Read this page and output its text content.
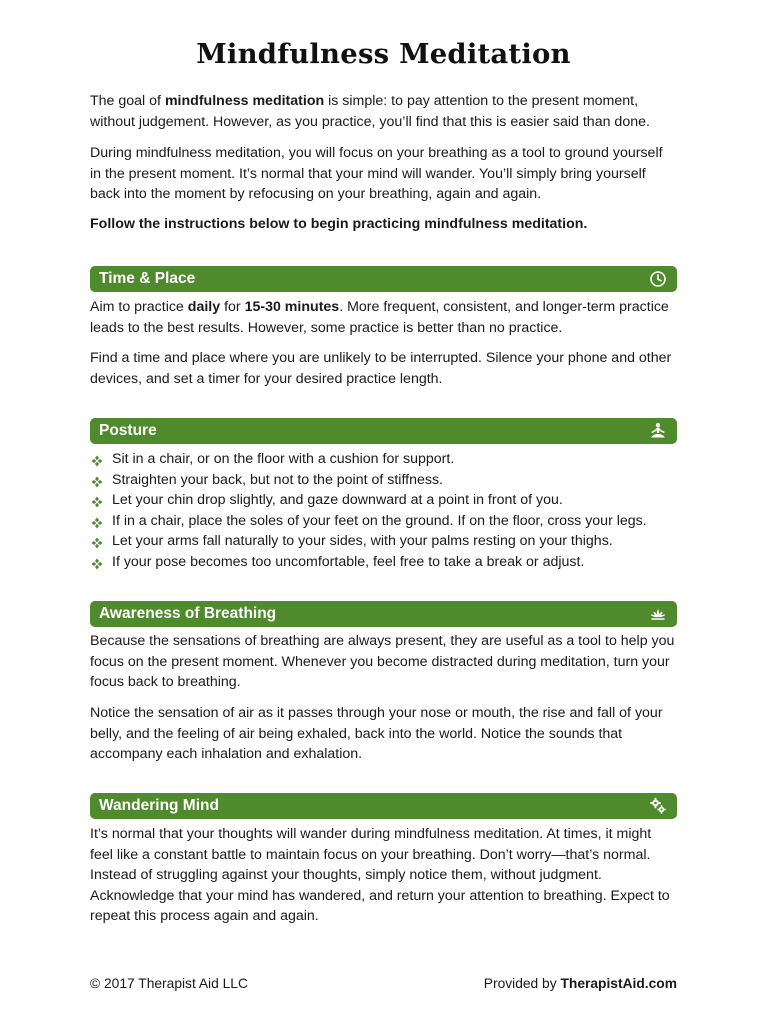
Mindfulness Meditation

The goal of mindfulness meditation is simple: to pay attention to the present moment, without judgement. However, as you practice, you’ll find that this is easier said than done.

During mindfulness meditation, you will focus on your breathing as a tool to ground yourself in the present moment. It’s normal that your mind will wander. You’ll simply bring yourself back into the moment by refocusing on your breathing, again and again.

Follow the instructions below to begin practicing mindfulness meditation.

Time & Place

Aim to practice daily for 15-30 minutes. More frequent, consistent, and longer-term practice leads to the best results. However, some practice is better than no practice.

Find a time and place where you are unlikely to be interrupted. Silence your phone and other devices, and set a timer for your desired practice length.

Posture
Sit in a chair, or on the floor with a cushion for support.
Straighten your back, but not to the point of stiffness.
Let your chin drop slightly, and gaze downward at a point in front of you.
If in a chair, place the soles of your feet on the ground. If on the floor, cross your legs.
Let your arms fall naturally to your sides, with your palms resting on your thighs.
If your pose becomes too uncomfortable, feel free to take a break or adjust.
Awareness of Breathing

Because the sensations of breathing are always present, they are useful as a tool to help you focus on the present moment. Whenever you become distracted during meditation, turn your focus back to breathing.

Notice the sensation of air as it passes through your nose or mouth, the rise and fall of your belly, and the feeling of air being exhaled, back into the world. Notice the sounds that accompany each inhalation and exhalation.

Wandering Mind

It’s normal that your thoughts will wander during mindfulness meditation. At times, it might feel like a constant battle to maintain focus on your breathing. Don’t worry—that’s normal. Instead of struggling against your thoughts, simply notice them, without judgment. Acknowledge that your mind has wandered, and return your attention to breathing. Expect to repeat this process again and again.

© 2017 Therapist Aid LLC	Provided by TherapistAid.com
